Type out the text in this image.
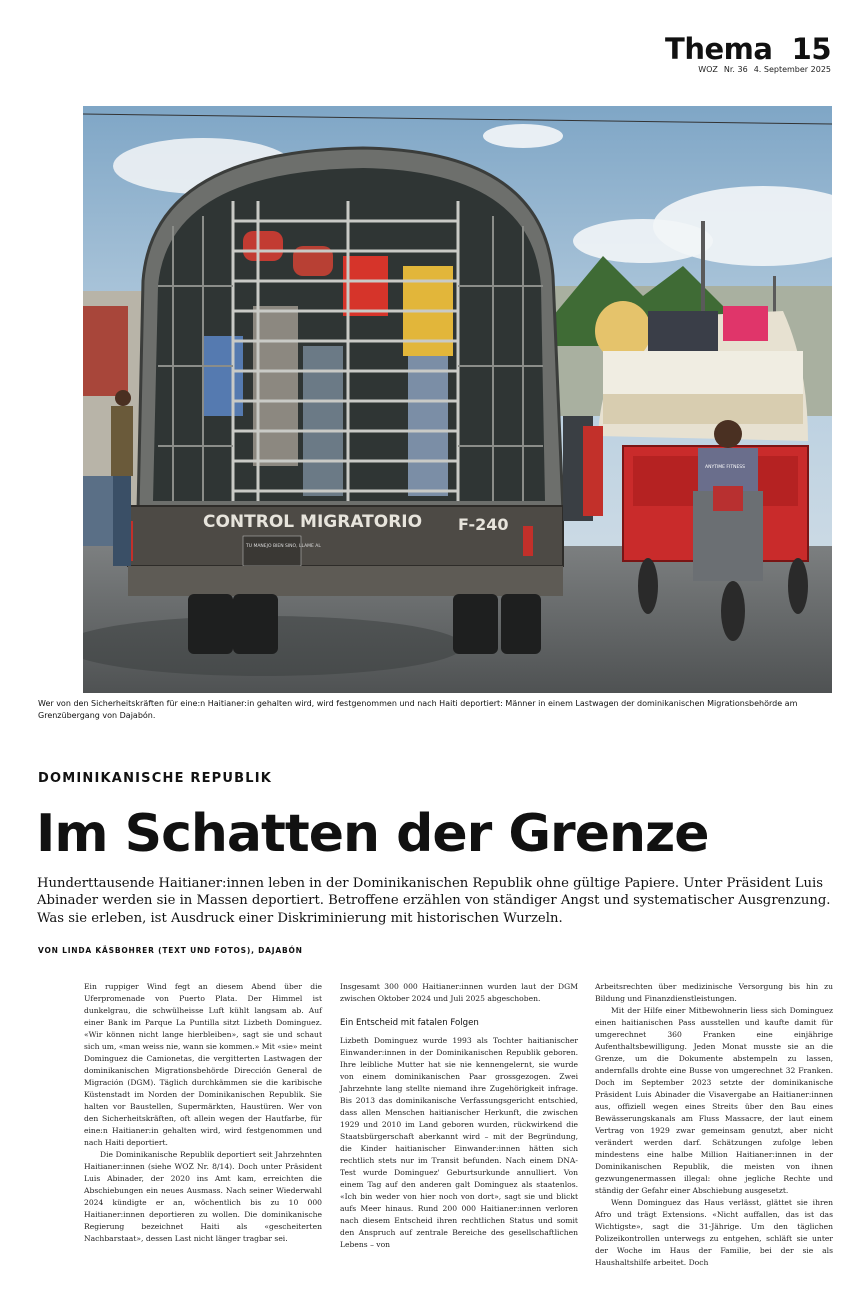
Thema 15
WOZ Nr. 36 4. September 2025
CONTROL MIGRATORIO F-240
TU MANEJO BIEN SINO, LLAME AL
ANYTIME FITNESS
Wer von den Sicherheitskräften für eine:n Haitianer:in gehalten wird, wird festgenommen und nach Haiti deportiert: Männer in einem Lastwagen der dominikanischen Migrationsbehörde am Grenzübergang von Dajabón.
DOMINIKANISCHE REPUBLIK
Im Schatten der Grenze

Hunderttausende Haitianer:innen leben in der Dominikanischen Republik ohne gültige Papiere. Unter Präsident Luis Abinader werden sie in Massen deportiert. Betroffene erzählen von ständiger Angst und systematischer Ausgrenzung. Was sie erleben, ist Ausdruck einer Diskriminierung mit historischen Wurzeln.

VON LINDA KÄSBOHRER (TEXT UND FOTOS), DAJABÓN

Ein ruppiger Wind fegt an diesem Abend über die Uferpromenade von Puerto Plata. Der Himmel ist dunkelgrau, die schwülheisse Luft kühlt langsam ab. Auf einer Bank im Parque La Puntilla sitzt Lizbeth Dominguez. «Wir können nicht lange hierbleiben», sagt sie und schaut sich um, «man weiss nie, wann sie kommen.» Mit «sie» meint Dominguez die Camionetas, die vergitterten Lastwagen der dominikanischen Migrationsbehörde Dirección General de Migración (DGM). Täglich durchkämmen sie die karibische Küstenstadt im Norden der Dominikanischen Republik. Sie halten vor Baustellen, Supermärkten, Haustüren. Wer von den Sicherheitskräften, oft allein wegen der Hautfarbe, für eine:n Haitianer:in gehalten wird, wird festgenommen und nach Haiti deportiert.

Die Dominikanische Republik deportiert seit Jahrzehnten Haitianer:innen (siehe WOZ Nr. 8/14). Doch unter Präsident Luis Abinader, der 2020 ins Amt kam, erreichten die Abschiebungen ein neues Ausmass. Nach seiner Wiederwahl 2024 kündigte er an, wöchentlich bis zu 10 000 Haitianer:innen deportieren zu wollen. Die dominikanische Regierung bezeichnet Haiti als «gescheiterten Nachbarstaat», dessen Last nicht länger tragbar sei.

Insgesamt 300 000 Haitianer:innen wurden laut der DGM zwischen Oktober 2024 und Juli 2025 abgeschoben.

Ein Entscheid mit fatalen Folgen

Lizbeth Dominguez wurde 1993 als Tochter haitianischer Einwander:innen in der Dominikanischen Republik geboren. Ihre leibliche Mutter hat sie nie kennengelernt, sie wurde von einem dominikanischen Paar grossgezogen. Zwei Jahrzehnte lang stellte niemand ihre Zugehörigkeit infrage. Bis 2013 das dominikanische Verfassungsgericht entschied, dass allen Menschen haitianischer Herkunft, die zwischen 1929 und 2010 im Land geboren wurden, rückwirkend die Staatsbürgerschaft aberkannt wird – mit der Begründung, die Kinder haitianischer Einwander:innen hätten sich rechtlich stets nur im Transit befunden. Nach einem DNA-Test wurde Dominguez' Geburtsurkunde annulliert. Von einem Tag auf den anderen galt Dominguez als staatenlos. «Ich bin weder von hier noch von dort», sagt sie und blickt aufs Meer hinaus. Rund 200 000 Haitianer:innen verloren nach diesem Entscheid ihren rechtlichen Status und somit den Anspruch auf zentrale Bereiche des gesellschaftlichen Lebens – von

Arbeitsrechten über medizinische Versorgung bis hin zu Bildung und Finanzdienstleistungen.

Mit der Hilfe einer Mitbewohnerin liess sich Dominguez einen haitianischen Pass ausstellen und kaufte damit für umgerechnet 360 Franken eine einjährige Aufenthaltsbewilligung. Jeden Monat musste sie an die Grenze, um die Dokumente abstempeln zu lassen, andernfalls drohte eine Busse von umgerechnet 32 Franken. Doch im September 2023 setzte der dominikanische Präsident Luis Abinader die Visavergabe an Haitianer:innen aus, offiziell wegen eines Streits über den Bau eines Bewässerungskanals am Fluss Massacre, der laut einem Vertrag von 1929 zwar gemeinsam genutzt, aber nicht verändert werden darf. Schätzungen zufolge leben mindestens eine halbe Million Haitianer:innen in der Dominikanischen Republik, die meisten von ihnen gezwungenermassen illegal: ohne jegliche Rechte und ständig der Gefahr einer Abschiebung ausgesetzt.

Wenn Dominguez das Haus verlässt, glättet sie ihren Afro und trägt Extensions. «Nicht auffallen, das ist das Wichtigste», sagt die 31-Jährige. Um den täglichen Polizeikontrollen unterwegs zu entgehen, schläft sie unter der Woche im Haus der Familie, bei der sie als Haushaltshilfe arbeitet. Doch
